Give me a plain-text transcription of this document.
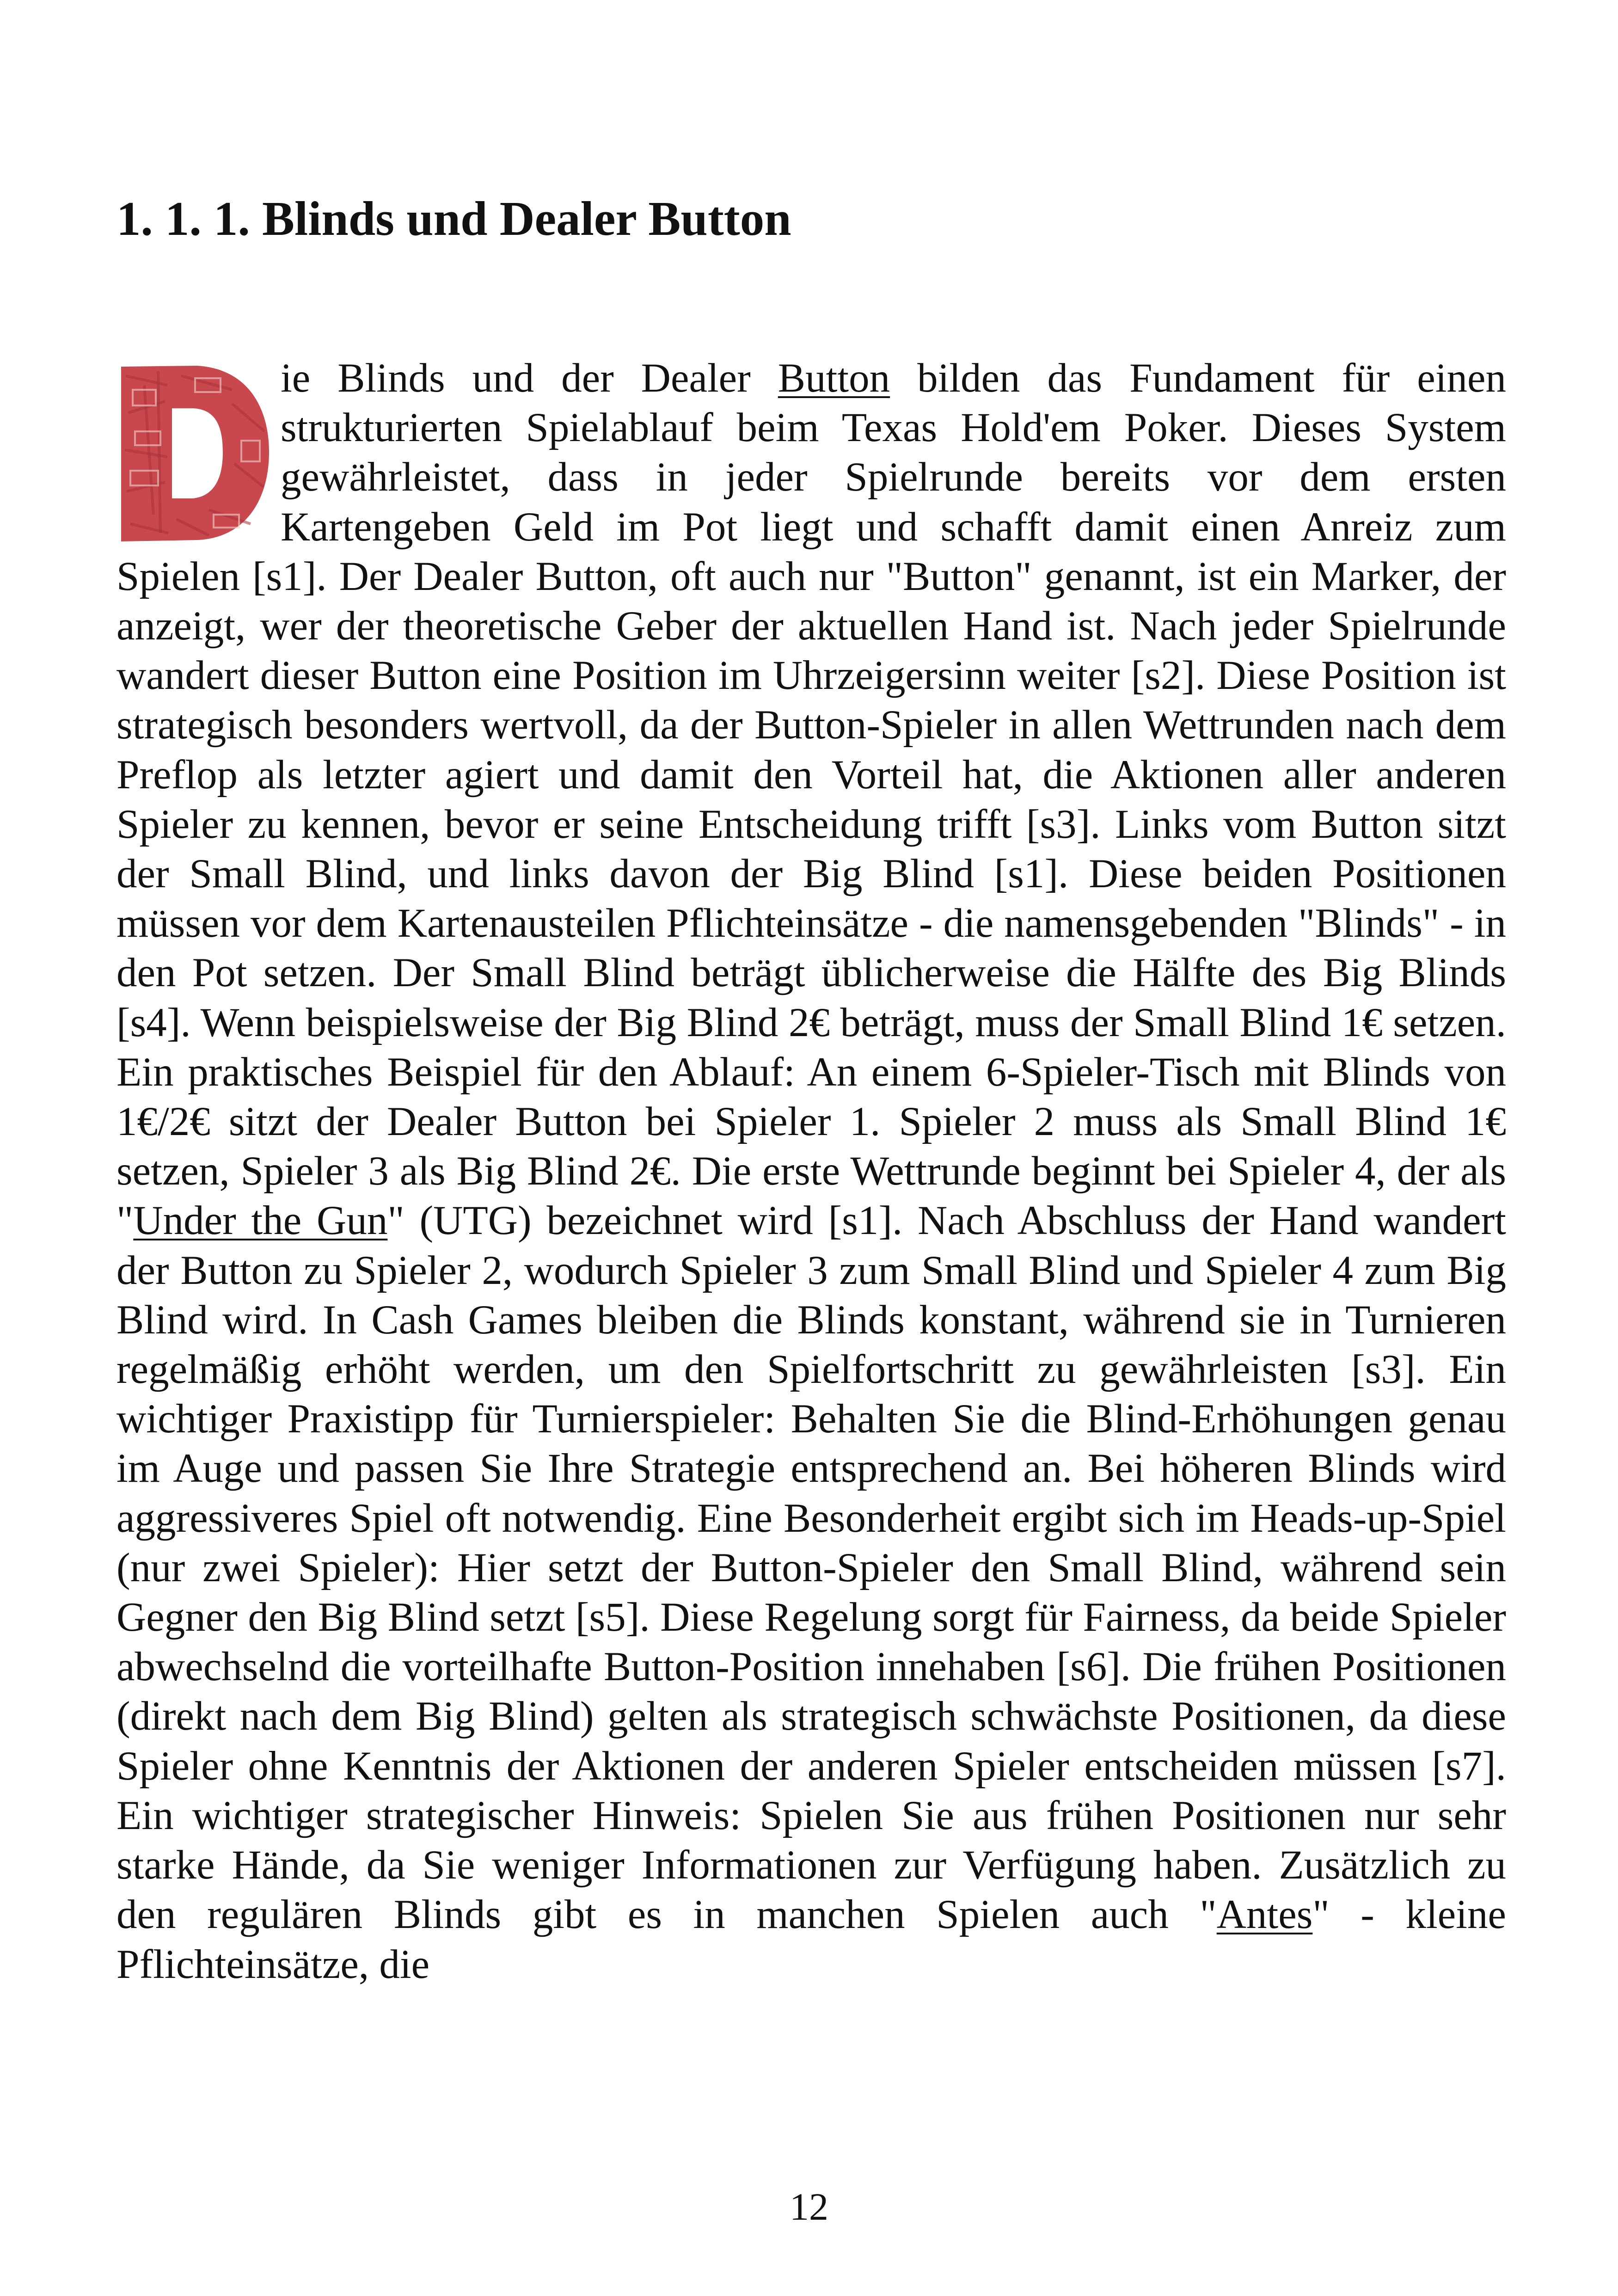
1. 1. 1. Blinds und Dealer Button

ie Blinds und der Dealer Button bilden das Fundament für einen strukturierten Spielablauf beim Texas Hold'em Poker. Dieses System gewährleistet, dass in jeder Spielrunde bereits vor dem ersten Kartengeben Geld im Pot liegt und schafft damit einen Anreiz zum Spielen [s1]. Der Dealer Button, oft auch nur "Button" genannt, ist ein Marker, der anzeigt, wer der theoretische Geber der aktuellen Hand ist. Nach jeder Spielrunde wandert dieser Button eine Position im Uhrzeigersinn weiter [s2]. Diese Position ist strategisch besonders wertvoll, da der Button-Spieler in allen Wettrunden nach dem Preflop als letzter agiert und damit den Vorteil hat, die Aktionen aller anderen Spieler zu kennen, bevor er seine Entscheidung trifft [s3]. Links vom Button sitzt der Small Blind, und links davon der Big Blind [s1]. Diese beiden Positionen müssen vor dem Kartenausteilen Pflichteinsätze - die namensgebenden "Blinds" - in den Pot setzen. Der Small Blind beträgt üblicherweise die Hälfte des Big Blinds [s4]. Wenn beispielsweise der Big Blind 2€ beträgt, muss der Small Blind 1€ setzen. Ein praktisches Beispiel für den Ablauf: An einem 6-Spieler-Tisch mit Blinds von 1€/2€ sitzt der Dealer Button bei Spieler 1. Spieler 2 muss als Small Blind 1€ setzen, Spieler 3 als Big Blind 2€. Die erste Wettrunde beginnt bei Spieler 4, der als "Under the Gun" (UTG) bezeichnet wird [s1]. Nach Abschluss der Hand wandert der Button zu Spieler 2, wodurch Spieler 3 zum Small Blind und Spieler 4 zum Big Blind wird. In Cash Games bleiben die Blinds konstant, während sie in Turnieren regelmäßig erhöht werden, um den Spielfortschritt zu gewährleisten [s3]. Ein wichtiger Praxistipp für Turnierspieler: Behalten Sie die Blind-Erhöhungen genau im Auge und passen Sie Ihre Strategie entsprechend an. Bei höheren Blinds wird aggressiveres Spiel oft notwendig. Eine Besonderheit ergibt sich im Heads-up-Spiel (nur zwei Spieler): Hier setzt der Button-Spieler den Small Blind, während sein Gegner den Big Blind setzt [s5]. Diese Regelung sorgt für Fairness, da beide Spieler abwechselnd die vorteilhafte Button-Position innehaben [s6]. Die frühen Positionen (direkt nach dem Big Blind) gelten als strategisch schwächste Positionen, da diese Spieler ohne Kenntnis der Aktionen der anderen Spieler entscheiden müssen [s7]. Ein wichtiger strategischer Hinweis: Spielen Sie aus frühen Positionen nur sehr starke Hände, da Sie weniger Informationen zur Verfügung haben. Zusätzlich zu den regulären Blinds gibt es in manchen Spielen auch "Antes" - kleine Pflichteinsätze, die

12
